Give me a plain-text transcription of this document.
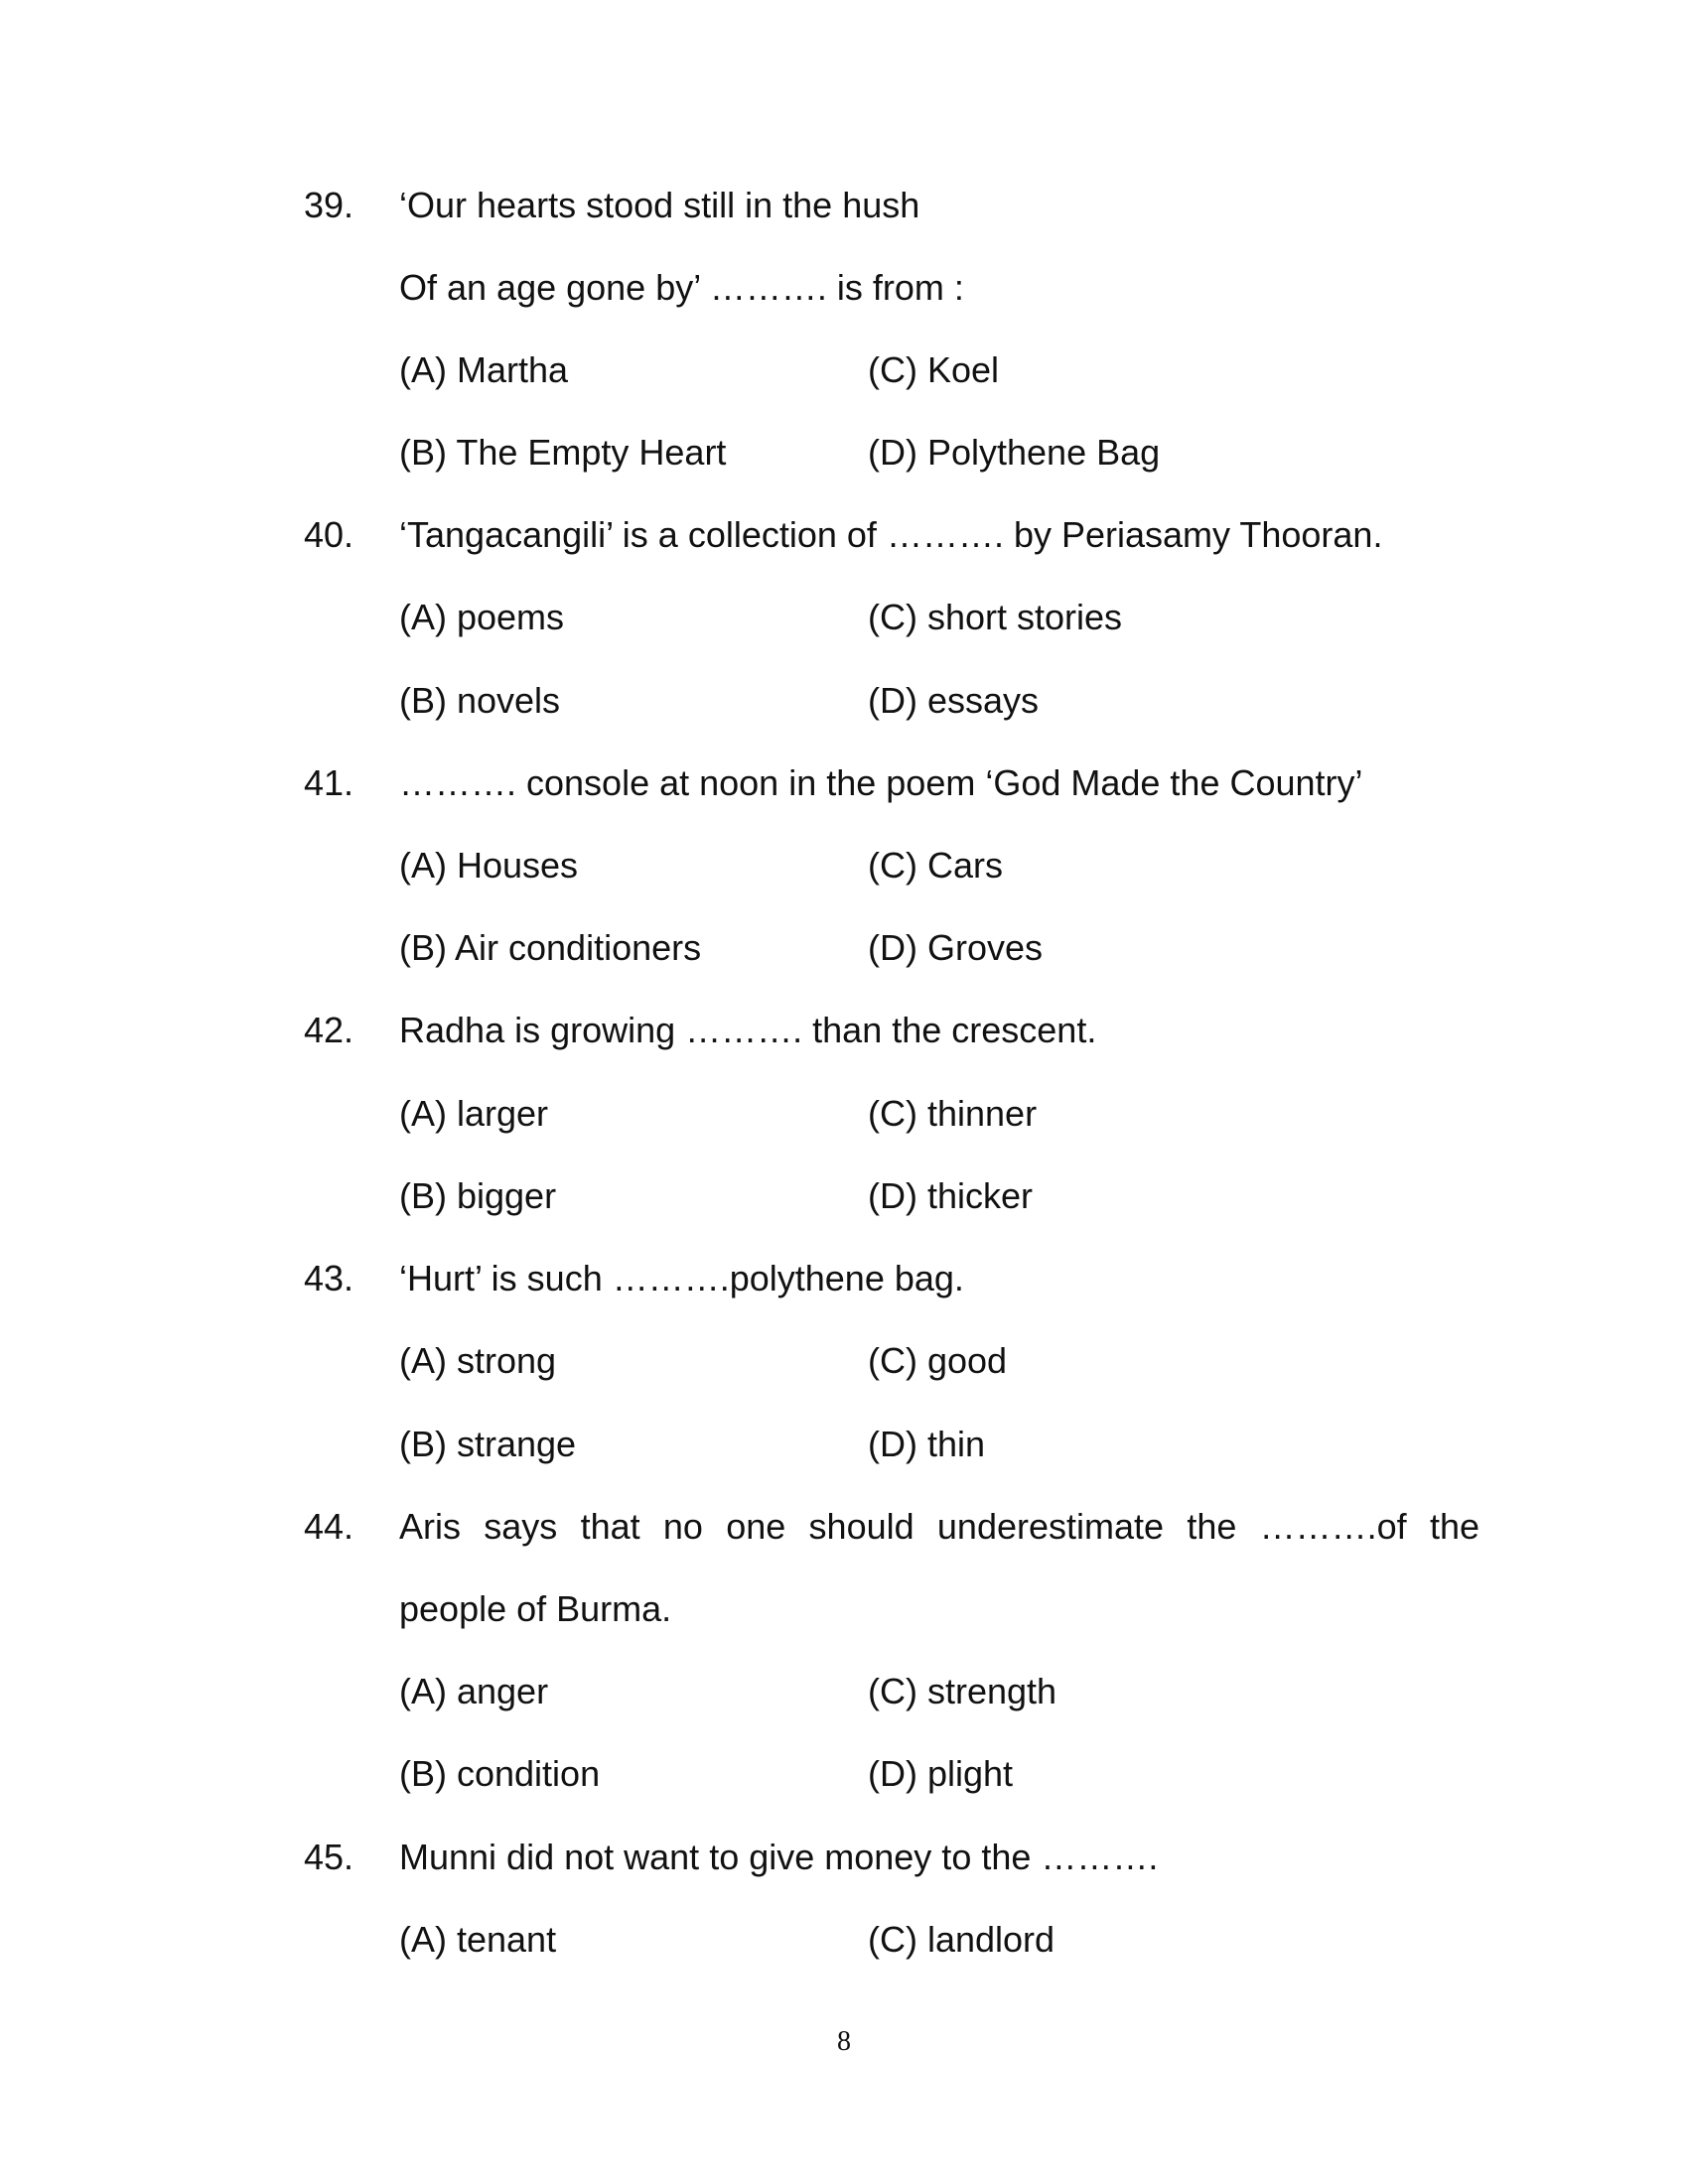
39. ‘Our hearts stood still in the hush
Of an age gone by’ ………. is from :
(A) Martha	(C) Koel
(B) The Empty Heart	(D) Polythene Bag
40. ‘Tangacangili’ is a collection of ………. by Periasamy Thooran.
(A) poems	(C) short stories
(B) novels	(D) essays
41. ………. console at noon in the poem ‘God Made the Country’
(A) Houses	(C) Cars
(B) Air conditioners	(D) Groves
42. Radha is growing ………. than the crescent.
(A) larger	(C) thinner
(B) bigger	(D) thicker
43. ‘Hurt’ is such ……….polythene bag.
(A) strong	(C) good
(B) strange	(D) thin
44. Aris says that no one should underestimate the ……….of the
people of Burma.
(A) anger	(C) strength
(B) condition	(D) plight
45. Munni did not want to give money to the ……….
(A) tenant	(C) landlord
8
